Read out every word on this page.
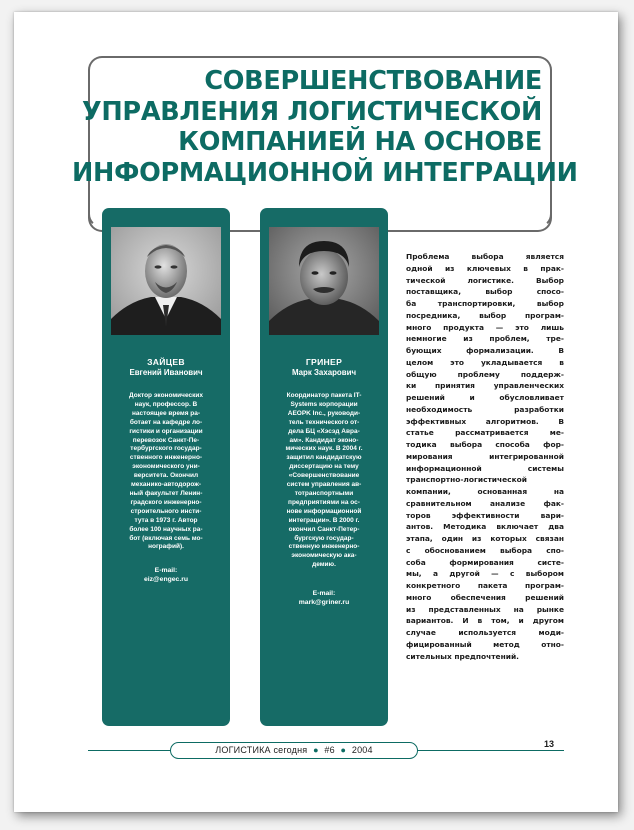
СОВЕРШЕНСТВОВАНИЕ
УПРАВЛЕНИЯ ЛОГИСТИЧЕСКОЙ
КОМПАНИЕЙ НА ОСНОВЕ
ИНФОРМАЦИОННОЙ ИНТЕГРАЦИИ
ЗАЙЦЕВ
Евгений Иванович
Доктор экономических
наук, профессор. В
настоящее время ра-
ботает на кафедре ло-
гистики и организации
перевозок Санкт-Пе-
тербургского государ-
ственного инженерно-
экономического уни-
верситета. Окончил
механико-автодорож-
ный факультет Ленин-
градского инженерно-
строительного инсти-
тута в 1973 г. Автор
более 100 научных ра-
бот (включая семь мо-
нографий).
E-mail:
eiz@engec.ru
ГРИНЕР
Марк Захарович
Координатор пакета IT-
Systems корпорации
AEOPK Inc., руководи-
тель технического от-
дела БЦ «Хэсэд Авра-
ам». Кандидат эконо-
мических наук. В 2004 г.
защитил кандидатскую
диссертацию на тему
«Совершенствование
систем управления ав-
тотранспортными
предприятиями на ос-
нове информационной
интеграции». В 2000 г.
окончил Санкт-Петер-
бургскую государ-
ственную инженерно-
экономическую ака-
демию.
E-mail:
mark@griner.ru
Проблема выбора является
одной из ключевых в прак-
тической логистике. Выбор
поставщика, выбор спосо-
ба транспортировки, выбор
посредника, выбор програм-
много продукта — это лишь
немногие из проблем, тре-
бующих формализации. В
целом это укладывается в
общую проблему поддерж-
ки принятия управленческих
решений и обусловливает
необходимость разработки
эффективных алгоритмов. В
статье рассматривается ме-
тодика выбора способа фор-
мирования интегрированной
информационной системы
транспортно-логистической
компании, основанная на
сравнительном анализе фак-
торов эффективности вари-
антов. Методика включает два
этапа, один из которых связан
с обоснованием выбора спо-
соба формирования систе-
мы, а другой — с выбором
конкретного пакета програм-
много обеспечения решений
из представленных на рынке
вариантов. И в том, и другом
случае используется моди-
фицированный метод отно-
сительных предпочтений.
ЛОГИСТИКА сегодня ● #6 ● 2004
13
